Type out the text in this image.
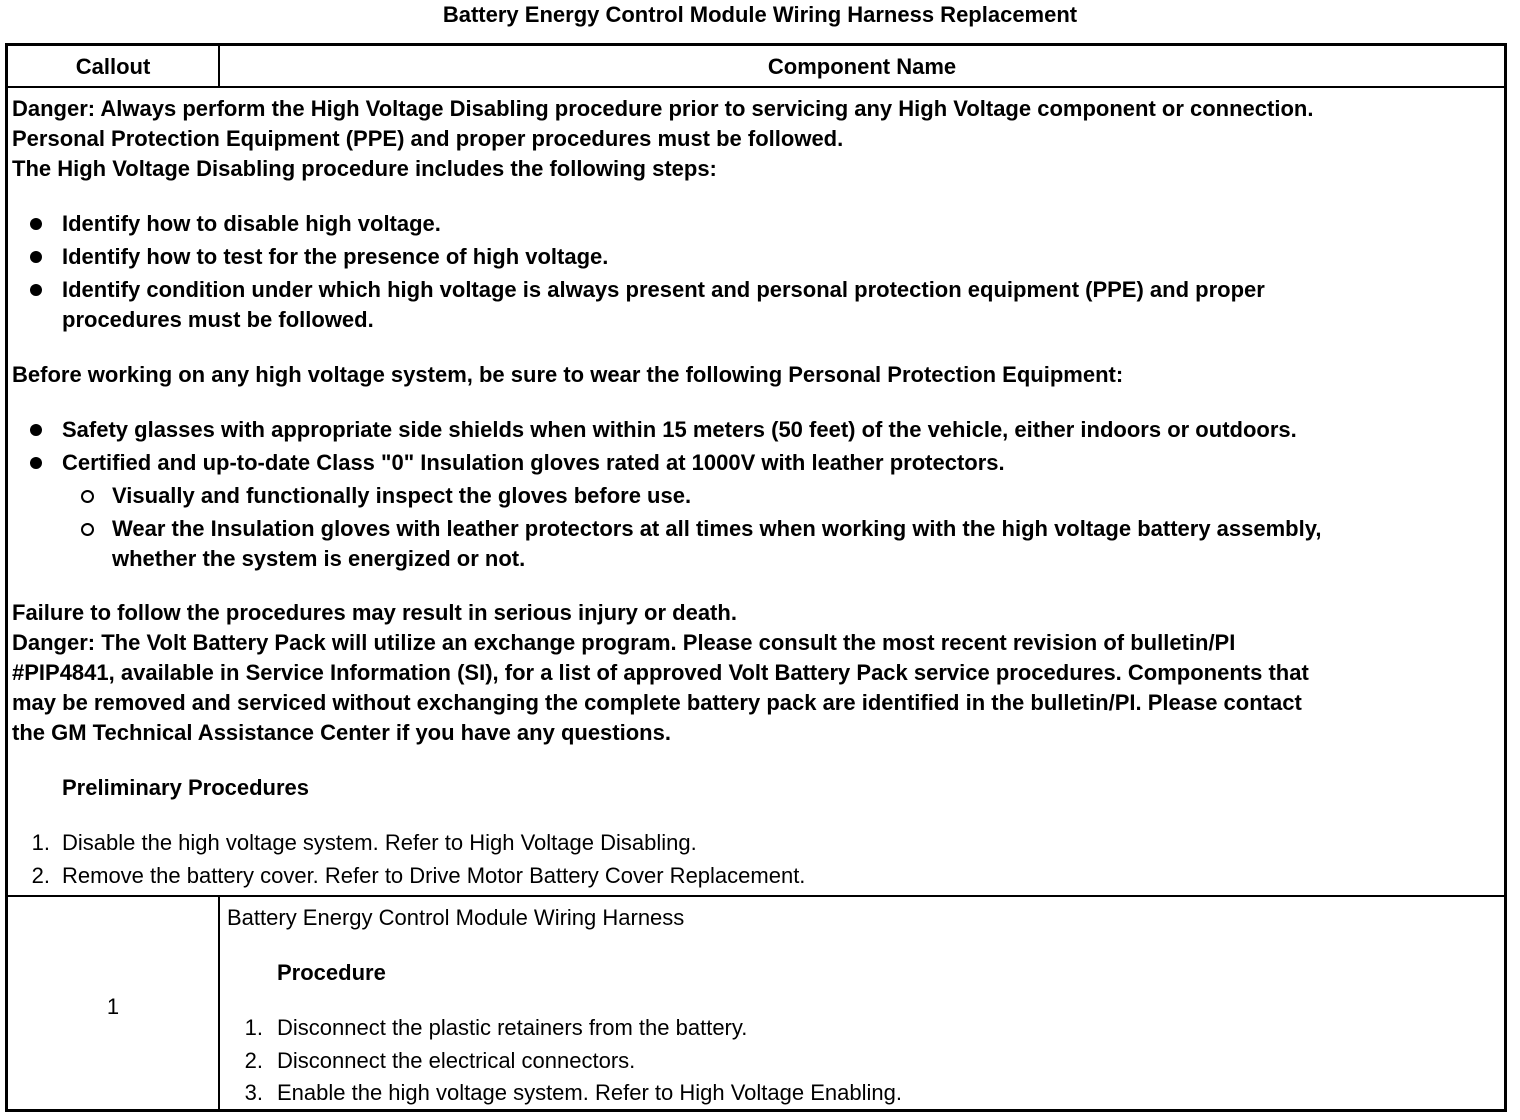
Battery Energy Control Module Wiring Harness Replacement
Callout	Component Name
Danger: Always perform the High Voltage Disabling procedure prior to servicing any High Voltage component or connection.
Personal Protection Equipment (PPE) and proper procedures must be followed.
The High Voltage Disabling procedure includes the following steps:
Identify how to disable high voltage.
Identify how to test for the presence of high voltage.
Identify condition under which high voltage is always present and personal protection equipment (PPE) and proper
procedures must be followed.
Before working on any high voltage system, be sure to wear the following Personal Protection Equipment:
Safety glasses with appropriate side shields when within 15 meters (50 feet) of the vehicle, either indoors or outdoors.
Certified and up-to-date Class "0" Insulation gloves rated at 1000V with leather protectors.
Visually and functionally inspect the gloves before use.
Wear the Insulation gloves with leather protectors at all times when working with the high voltage battery assembly,
whether the system is energized or not.
Failure to follow the procedures may result in serious injury or death.
Danger: The Volt Battery Pack will utilize an exchange program. Please consult the most recent revision of bulletin/PI
#PIP4841, available in Service Information (SI), for a list of approved Volt Battery Pack service procedures. Components that
may be removed and serviced without exchanging the complete battery pack are identified in the bulletin/PI. Please contact
the GM Technical Assistance Center if you have any questions.
Preliminary Procedures
1. Disable the high voltage system. Refer to High Voltage Disabling.
2. Remove the battery cover. Refer to Drive Motor Battery Cover Replacement.
1
Battery Energy Control Module Wiring Harness
Procedure
1. Disconnect the plastic retainers from the battery.
2. Disconnect the electrical connectors.
3. Enable the high voltage system. Refer to High Voltage Enabling.
